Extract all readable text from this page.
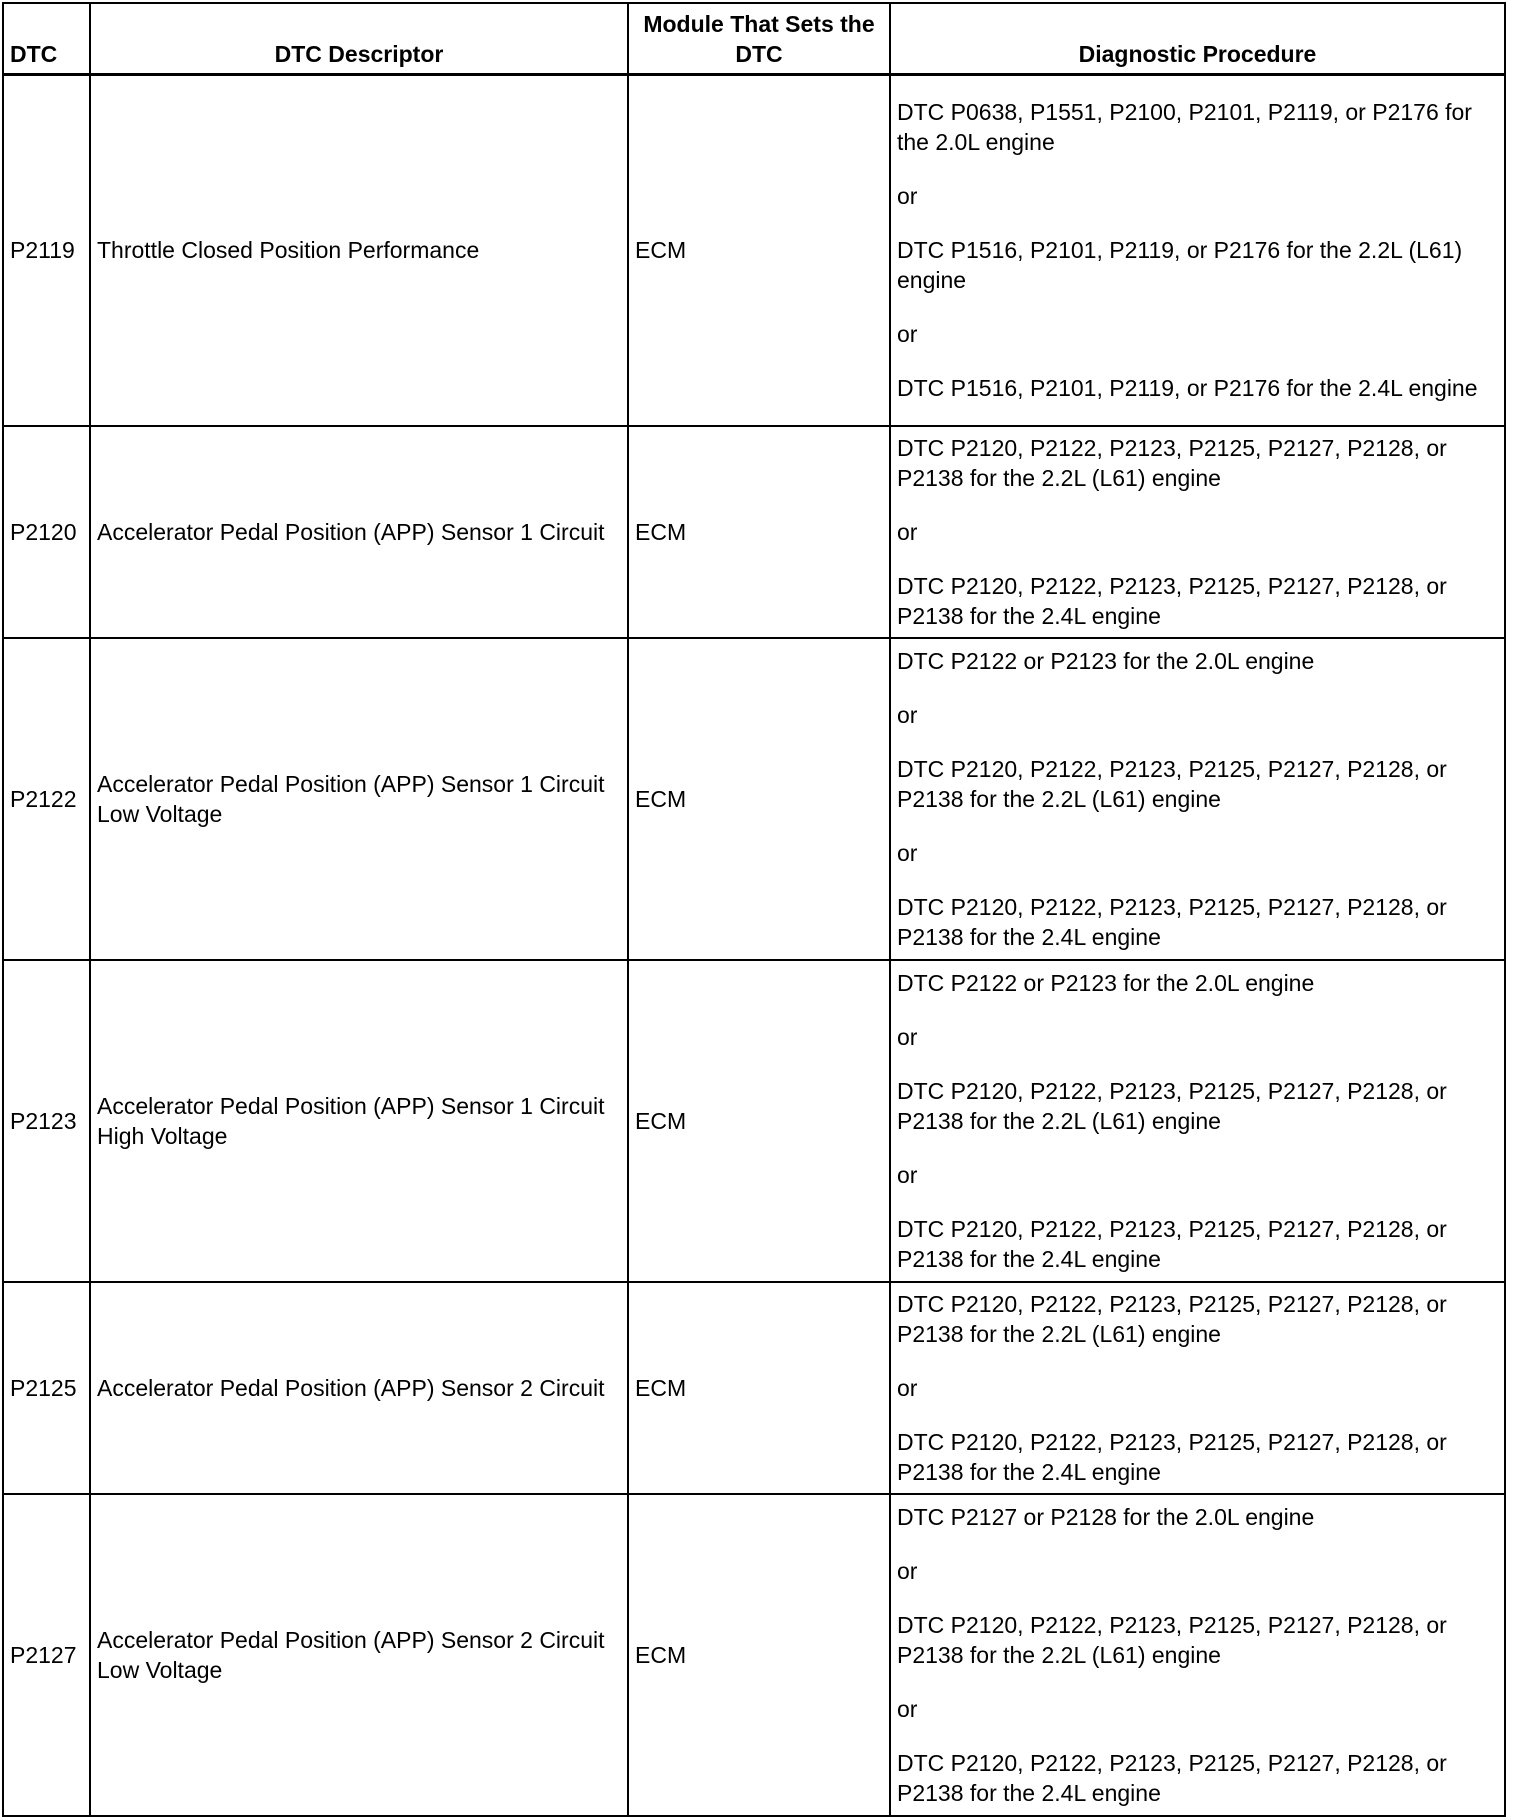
DTC	DTC Descriptor	Module That Sets the DTC	Diagnostic Procedure
P2119	Throttle Closed Position Performance	ECM	DTC P0638, P1551, P2100, P2101, P2119, or P2176 for the 2.0L engine
or
DTC P1516, P2101, P2119, or P2176 for the 2.2L (L61) engine
or
DTC P1516, P2101, P2119, or P2176 for the 2.4L engine

P2120	Accelerator Pedal Position (APP) Sensor 1 Circuit	ECM	DTC P2120, P2122, P2123, P2125, P2127, P2128, or P2138 for the 2.2L (L61) engine
or
DTC P2120, P2122, P2123, P2125, P2127, P2128, or P2138 for the 2.4L engine

P2122	Accelerator Pedal Position (APP) Sensor 1 Circuit Low Voltage	ECM	DTC P2122 or P2123 for the 2.0L engine
or
DTC P2120, P2122, P2123, P2125, P2127, P2128, or P2138 for the 2.2L (L61) engine
or
DTC P2120, P2122, P2123, P2125, P2127, P2128, or P2138 for the 2.4L engine

P2123	Accelerator Pedal Position (APP) Sensor 1 Circuit High Voltage	ECM	DTC P2122 or P2123 for the 2.0L engine
or
DTC P2120, P2122, P2123, P2125, P2127, P2128, or P2138 for the 2.2L (L61) engine
or
DTC P2120, P2122, P2123, P2125, P2127, P2128, or P2138 for the 2.4L engine

P2125	Accelerator Pedal Position (APP) Sensor 2 Circuit	ECM	DTC P2120, P2122, P2123, P2125, P2127, P2128, or P2138 for the 2.2L (L61) engine
or
DTC P2120, P2122, P2123, P2125, P2127, P2128, or P2138 for the 2.4L engine

P2127	Accelerator Pedal Position (APP) Sensor 2 Circuit Low Voltage	ECM	DTC P2127 or P2128 for the 2.0L engine
or
DTC P2120, P2122, P2123, P2125, P2127, P2128, or P2138 for the 2.2L (L61) engine
or
DTC P2120, P2122, P2123, P2125, P2127, P2128, or P2138 for the 2.4L engine
